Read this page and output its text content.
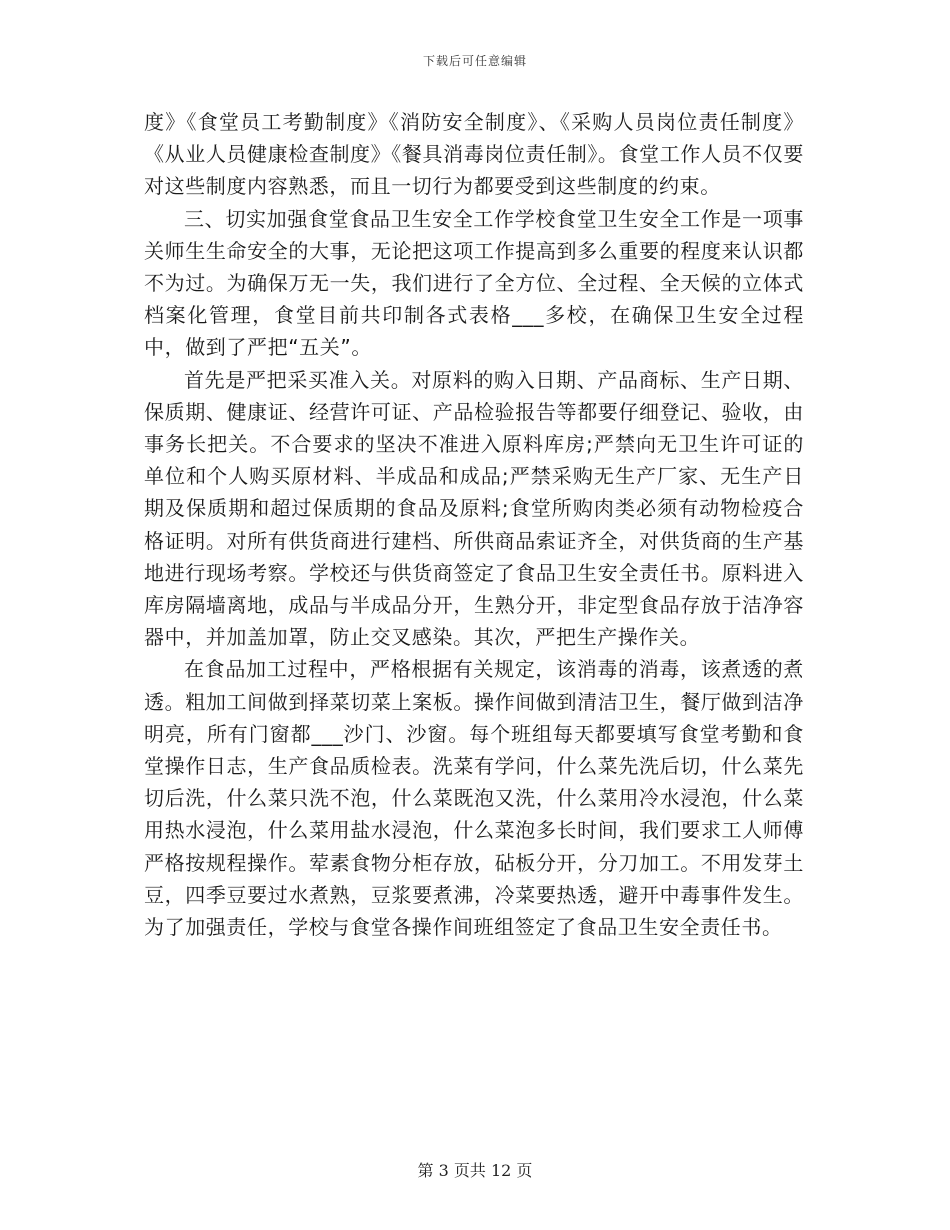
下载后可任意编辑

度》《食堂员工考勤制度》《消防安全制度》、《采购人员岗位责任制度》《从业人员健康检查制度》《餐具消毒岗位责任制》。食堂工作人员不仅要对这些制度内容熟悉，而且一切行为都要受到这些制度的约束。

三、切实加强食堂食品卫生安全工作学校食堂卫生安全工作是一项事关师生生命安全的大事，无论把这项工作提高到多么重要的程度来认识都不为过。为确保万无一失，我们进行了全方位、全过程、全天候的立体式档案化管理，食堂目前共印制各式表格___多校，在确保卫生安全过程中，做到了严把“五关”。

首先是严把采买准入关。对原料的购入日期、产品商标、生产日期、保质期、健康证、经营许可证、产品检验报告等都要仔细登记、验收，由事务长把关。不合要求的坚决不准进入原料库房;严禁向无卫生许可证的单位和个人购买原材料、半成品和成品;严禁采购无生产厂家、无生产日期及保质期和超过保质期的食品及原料;食堂所购肉类必须有动物检疫合格证明。对所有供货商进行建档、所供商品索证齐全，对供货商的生产基地进行现场考察。学校还与供货商签定了食品卫生安全责任书。原料进入库房隔墙离地，成品与半成品分开，生熟分开，非定型食品存放于洁净容器中，并加盖加罩，防止交叉感染。其次，严把生产操作关。

在食品加工过程中，严格根据有关规定，该消毒的消毒，该煮透的煮透。粗加工间做到择菜切菜上案板。操作间做到清洁卫生，餐厅做到洁净明亮，所有门窗都___沙门、沙窗。每个班组每天都要填写食堂考勤和食堂操作日志，生产食品质检表。洗菜有学问，什么菜先洗后切，什么菜先切后洗，什么菜只洗不泡，什么菜既泡又洗，什么菜用冷水浸泡，什么菜用热水浸泡，什么菜用盐水浸泡，什么菜泡多长时间，我们要求工人师傅严格按规程操作。荤素食物分柜存放，砧板分开，分刀加工。不用发芽土豆，四季豆要过水煮熟，豆浆要煮沸，冷菜要热透，避开中毒事件发生。为了加强责任，学校与食堂各操作间班组签定了食品卫生安全责任书。

第 3 页共 12 页
